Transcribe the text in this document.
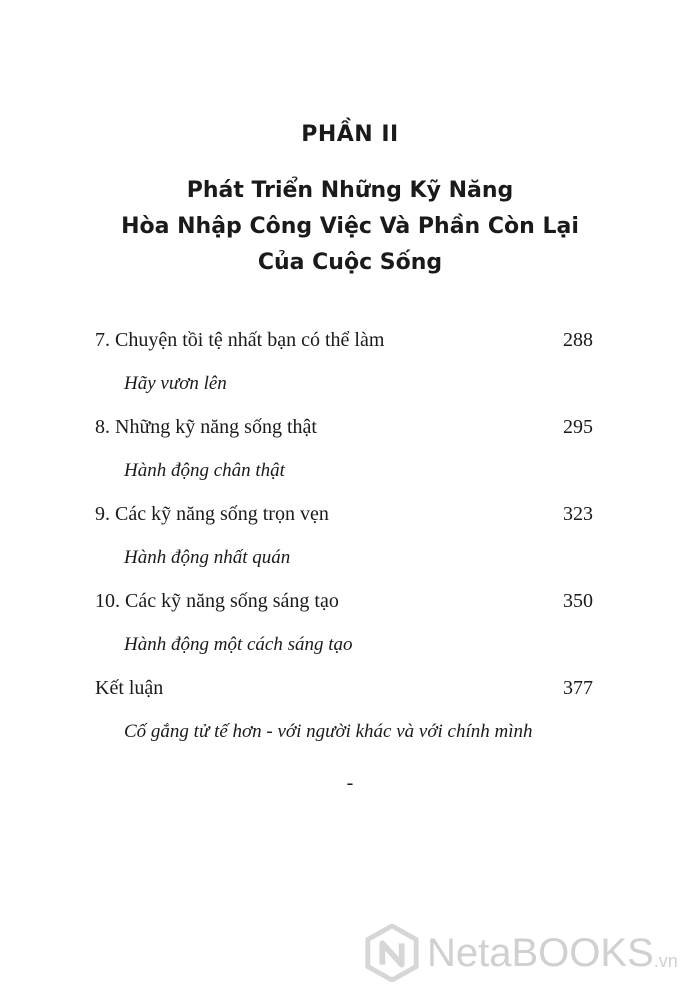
PHẦN II
Phát Triển Những Kỹ Năng
Hòa Nhập Công Việc Và Phần Còn Lại
Của Cuộc Sống
7. Chuyện tồi tệ nhất bạn có thể làm	288
Hãy vươn lên
8. Những kỹ năng sống thật	295
Hành động chân thật
9. Các kỹ năng sống trọn vẹn	323
Hành động nhất quán
10. Các kỹ năng sống sáng tạo	350
Hành động một cách sáng tạo
Kết luận	377
Cố gắng tử tế hơn - với người khác và với chính mình
-
NetaBOOKS .vn
